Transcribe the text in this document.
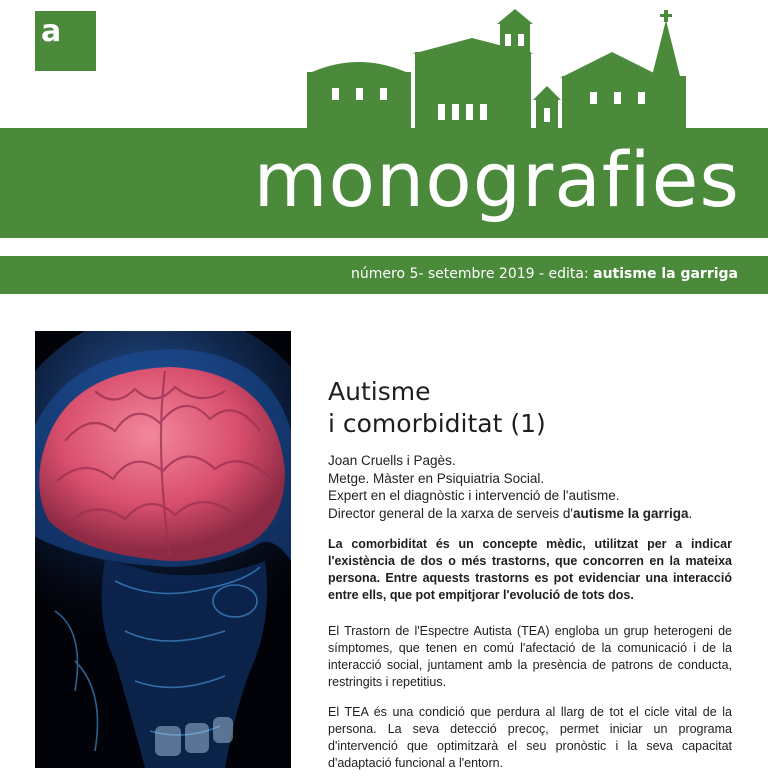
a
monografies
número 5- setembre 2019 - edita: autisme la garriga
Autisme
i comorbiditat (1)
Joan Cruells i Pagès.
Metge. Màster en Psiquiatria Social.
Expert en el diagnòstic i intervenció de l'autisme.
Director general de la xarxa de serveis d'autisme la garriga.

La comorbiditat és un concepte mèdic, utilitzat per a indicar l'existència de dos o més trastorns, que concorren en la mateixa persona. Entre aquests trastorns es pot evidenciar una interacció entre ells, que pot empitjorar l'evolució de tots dos.

El Trastorn de l'Espectre Autista (TEA) engloba un grup heterogeni de símptomes, que tenen en comú l'afectació de la comunicació i de la interacció social, juntament amb la presència de patrons de conducta, restringits i repetitius.

El TEA és una condició que perdura al llarg de tot el cicle vital de la persona. La seva detecció precoç, permet iniciar un programa d'intervenció que optimitzarà el seu pronòstic i la seva capacitat d'adaptació funcional a l'entorn.
